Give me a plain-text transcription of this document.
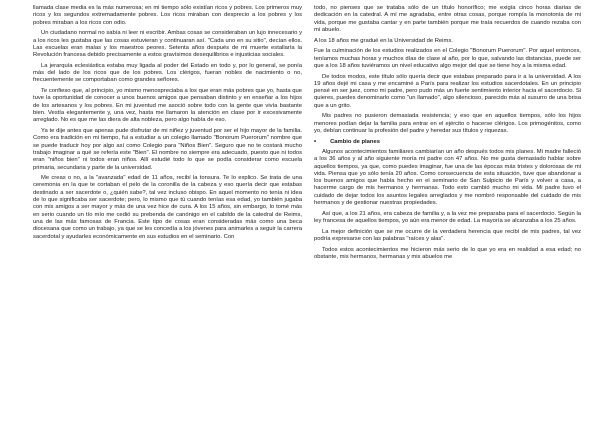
llamada clase media es la más numerosa; en mi tiempo sólo existían ricos y pobres. Los primeros muy ricos y los segundos extremadamente pobres. Los ricos miraban con desprecio a los pobres y los pobres miraban a los ricos con odio.

Un ciudadano normal no sabía ni leer ni escribir. Ambas cosas se consideraban un lujo innecesario y a los ricos les gustaba que las cosas estuvieran y continuaran así. "Cada uno en su sitio", decían ellos. Las escuelas eran malas y los maestros peores. Setenta años después de mi muerte estallaría la Revolución francesa debido precisamente a estos gravísimos desequilibrios e injusticias sociales.

La jerarquía eclesiástica estaba muy ligada al poder del Estado en todo y, por lo general, se ponía más del lado de los ricos que de los pobres. Los clérigos, fueran nobles de nacimiento o no, frecuentemente se comportaban como grandes señores.

Te confieso que, al principio, yo mismo menospreciaba a los que eran más pobres que yo, hasta que tuve la oportunidad de conocer a unos buenos amigos que pensaban distinto y en enseñar a los hijos de los artesanos y los pobres. En mi juventud me asoció sobre todo con la gente que vivía bastante bien. Vestía elegantemente y, una vez, hasta me llamaron la atención en clase por ir excesivamente arreglado. No es que me las diera de alta nobleza, pero algo había de eso.

Ya te dije antes que apenas pude disfrutar de mi niñez y juventud por ser el hijo mayor de la familia. Como era tradición en mi tiempo, fui a estudiar a un colegio llamado "Bonorum Puerorum" nombre que se puede traducir hoy por algo así como Colegio para "Niños Bien". Seguro que no te costará mucho trabajo imaginar a qué se refería este "Bien". El nombre no siempre era adecuado, puesto que ni todos eran "niños bien" ni todos eran niños. Allí estudié todo lo que se podía considerar como escuela primaria, secundaria y parte de la universidad.

Me creas o no, a la "avanzada" edad de 11 años, recibí la tonsura. Te lo explico. Se trata de una ceremonia en la que te cortaban el pelo de la coronilla de la cabeza y eso quería decir que estabas destinado a ser sacerdote o, ¿quién sabe?, tal vez incluso obispo. En aquel momento no tenía ni idea de lo que significaba ser sacerdote; pero, lo mismo que tú cuando tenías esa edad, yo también jugaba con mis amigos a ser mayor y más de una vez hice de cura. A los 15 años, sin embargo, lo tomé más en serio cuando un tío mío me cedió su prebenda de canónigo en el cabildo de la catedral de Reims, una de las más famosas de Francia. Este tipo de cosas eran consideradas más como una beca diocesana que como un trabajo, ya que se les concedía a los jóvenes para animarles a seguir la carrera sacerdotal y ayudarles económicamente en sus estudios en el seminario. Con

todo, no pienses que se trataba sólo de un título honorífico; me exigía cinco horas diarias de dedicación en la catedral. A mí me agradaba, entre otras cosas, porque rompía la monotonía de mi vida, porque me gustaba cantar y en parte también porque me traía recuerdos de cuando rezaba con mi abuelo.

A los 18 años me gradué en la Universidad de Reims.

Fue la culminación de los estudios realizados en el Colegio "Bonorum Puerorum". Por aquel entonces, teníamos muchas horas y muchos días de clase al año, por lo que, salvando las distancias, puede ser que a los 18 años tuviéramos un nivel educativo algo mejor del que se tiene hoy a la misma edad.

De todos modos, este título sólo quería decir que estabas preparado para ir a la universidad. A los 19 años dejé mi casa y me encaminé a París para realizar los estudios sacerdotales. En un principio pensé en ser juez, como mi padre, pero pudo más un fuerte sentimiento interior hacia el sacerdocio. Si quieres, puedes denominarlo como "un llamado", algo silencioso, parecido más al susurro de una brisa que a un grito.

Mis padres no pusieron demasiada resistencia; y eso que en aquellos tiempos, sólo los hijos menores podían dejar la familia para entrar en el ejército o hacerse clérigos. Los primogénitos, como yo, debían continuar la profesión del padre y heredar sus títulos y riquezas.

• Cambio de planes

Algunos acontecimientos familiares cambiarían un año después todos mis planes. Mi madre falleció a los 36 años y al año siguiente moría mi padre con 47 años. No me gusta demasiado hablar sobre aquellos tiempos, ya que, como puedes imaginar, fue una de las épocas más tristes y dolorosas de mi vida. Piensa que yo sólo tenía 20 años. Como consecuencia de esta situación, tuve que abandonar a los buenos amigos que había hecho en el seminario de San Sulpicio de París y volver a casa, a hacerme cargo de mis hermanos y hermanas. Todo esto cambió mucho mi vida. Mi padre tuvo el cuidado de dejar todos los asuntos legales arreglados y me nombró responsable del cuidado de mis hermanos y de gestionar nuestras propiedades.

Así que, a los 21 años, era cabeza de familia y, a la vez me preparaba para el sacerdocio. Según la ley francesa de aquellos tiempos, yo aún era menor de edad. La mayoría se alcanzaba a los 25 años.

La mejor definición que se me ocurre de la verdadera herencia que recibí de mis padres, tal vez podría expresarse con las palabras "raíces y alas".

Todos estos acontecimientos me hicieron más serio de lo que yo era en realidad a esa edad; no obstante, mis hermanos, hermanas y mis abuelos me
